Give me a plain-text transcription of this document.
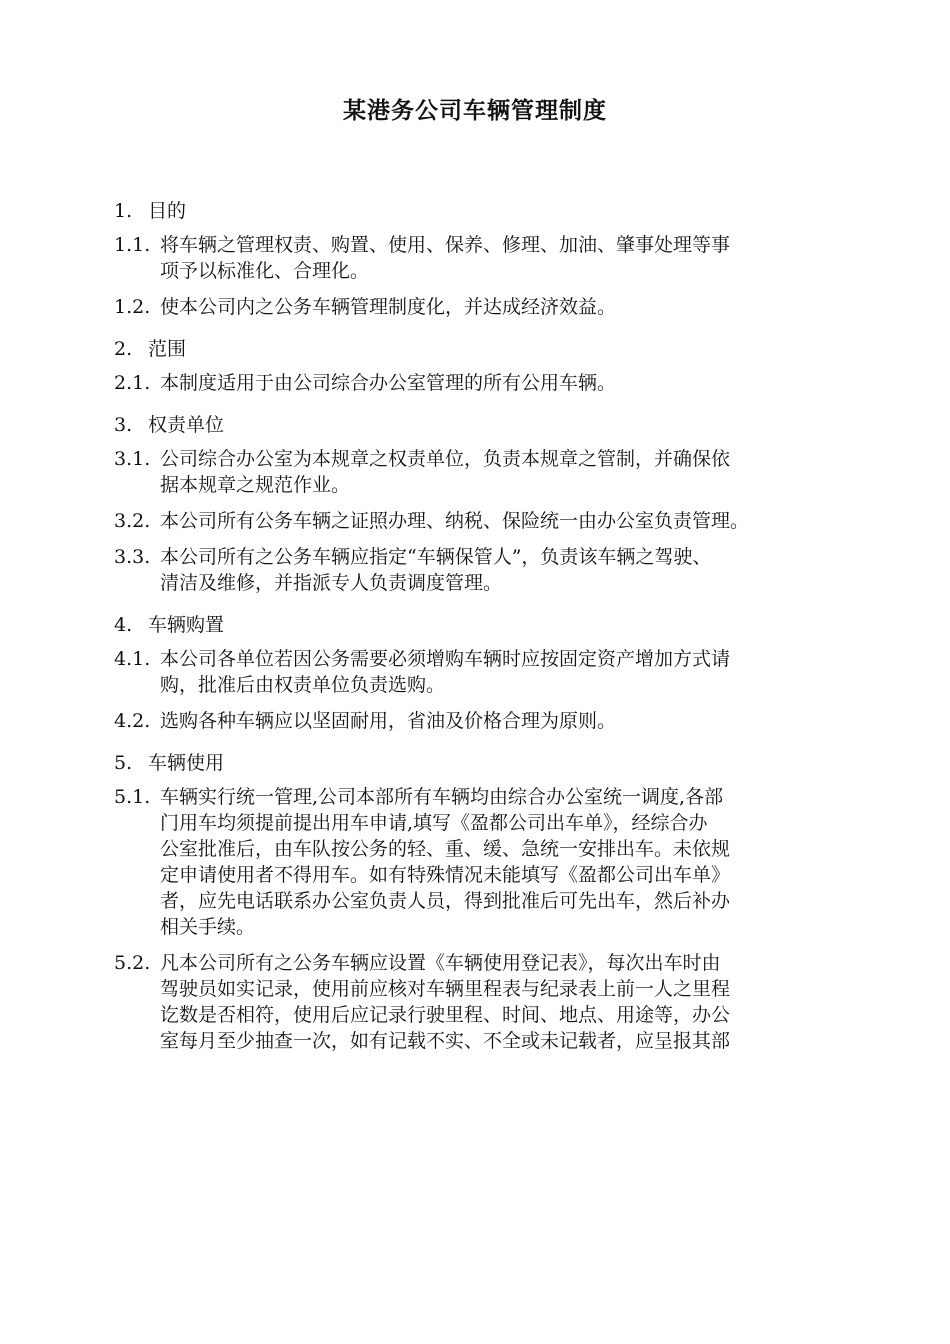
某港务公司车辆管理制度
1. 目的
1.1. 将车辆之管理权责、购置、使用、保养、修理、加油、肇事处理等事
项予以标准化、合理化。
1.2. 使本公司内之公务车辆管理制度化，并达成经济效益。
2. 范围
2.1. 本制度适用于由公司综合办公室管理的所有公用车辆。
3. 权责单位
3.1. 公司综合办公室为本规章之权责单位，负责本规章之管制，并确保依
据本规章之规范作业。
3.2. 本公司所有公务车辆之证照办理、纳税、保险统一由办公室负责管理。
3.3. 本公司所有之公务车辆应指定“车辆保管人”，负责该车辆之驾驶、
清洁及维修，并指派专人负责调度管理。
4. 车辆购置
4.1. 本公司各单位若因公务需要必须增购车辆时应按固定资产增加方式请
购，批准后由权责单位负责选购。
4.2. 选购各种车辆应以坚固耐用，省油及价格合理为原则。
5. 车辆使用
5.1. 车辆实行统一管理,公司本部所有车辆均由综合办公室统一调度,各部
门用车均须提前提出用车申请,填写《盈都公司出车单》，经综合办
公室批准后，由车队按公务的轻、重、缓、急统一安排出车。未依规
定申请使用者不得用车。如有特殊情况未能填写《盈都公司出车单》
者，应先电话联系办公室负责人员，得到批准后可先出车，然后补办
相关手续。
5.2. 凡本公司所有之公务车辆应设置《车辆使用登记表》，每次出车时由
驾驶员如实记录，使用前应核对车辆里程表与纪录表上前一人之里程
讫数是否相符，使用后应记录行驶里程、时间、地点、用途等，办公
室每月至少抽查一次，如有记载不实、不全或未记载者，应呈报其部
